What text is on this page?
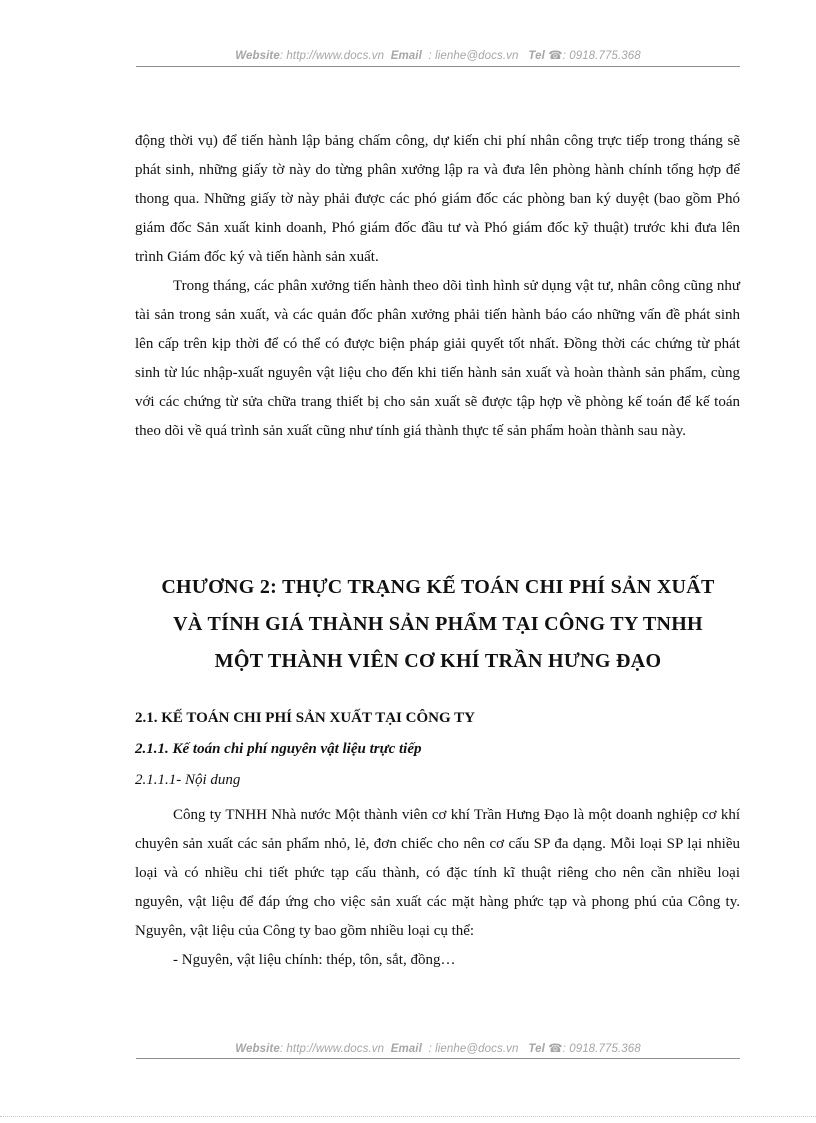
Website: http://www.docs.vn Email : lienhe@docs.vn Tel ☎: 0918.775.368

động thời vụ) để tiến hành lập bảng chấm công, dự kiến chi phí nhân công trực tiếp trong tháng sẽ phát sinh, những giấy tờ này do từng phân xưởng lập ra và đưa lên phòng hành chính tổng hợp để thong qua. Những giấy tờ này phải được các phó giám đốc các phòng ban ký duyệt (bao gồm Phó giám đốc Sản xuất kinh doanh, Phó giám đốc đầu tư và Phó giám đốc kỹ thuật) trước khi đưa lên trình Giám đốc ký và tiến hành sản xuất.

Trong tháng, các phân xưởng tiến hành theo dõi tình hình sử dụng vật tư, nhân công cũng như tài sản trong sản xuất, và các quản đốc phân xưởng phải tiến hành báo cáo những vấn đề phát sinh lên cấp trên kịp thời để có thể có được biện pháp giải quyết tốt nhất. Đồng thời các chứng từ phát sinh từ lúc nhập-xuất nguyên vật liệu cho đến khi tiến hành sản xuất và hoàn thành sản phẩm, cùng với các chứng từ sửa chữa trang thiết bị cho sản xuất sẽ được tập hợp về phòng kế toán để kế toán theo dõi về quá trình sản xuất cũng như tính giá thành thực tế sản phẩm hoàn thành sau này.

CHƯƠNG 2: THỰC TRẠNG KẾ TOÁN CHI PHÍ SẢN XUẤT
VÀ TÍNH GIÁ THÀNH SẢN PHẨM TẠI CÔNG TY TNHH
MỘT THÀNH VIÊN CƠ KHÍ TRẦN HƯNG ĐẠO
2.1. KẾ TOÁN CHI PHÍ SẢN XUẤT TẠI CÔNG TY
2.1.1. Kế toán chi phí nguyên vật liệu trực tiếp
2.1.1.1- Nội dung

Công ty TNHH Nhà nước Một thành viên cơ khí Trần Hưng Đạo là một doanh nghiệp cơ khí chuyên sản xuất các sản phẩm nhỏ, lẻ, đơn chiếc cho nên cơ cấu SP đa dạng. Mỗi loại SP lại nhiều loại và có nhiều chi tiết phức tạp cấu thành, có đặc tính kĩ thuật riêng cho nên cần nhiều loại nguyên, vật liệu để đáp ứng cho việc sản xuất các mặt hàng phức tạp và phong phú của Công ty. Nguyên, vật liệu của Công ty bao gồm nhiều loại cụ thể:

- Nguyên, vật liệu chính: thép, tôn, sắt, đồng…

Website: http://www.docs.vn Email : lienhe@docs.vn Tel ☎: 0918.775.368
